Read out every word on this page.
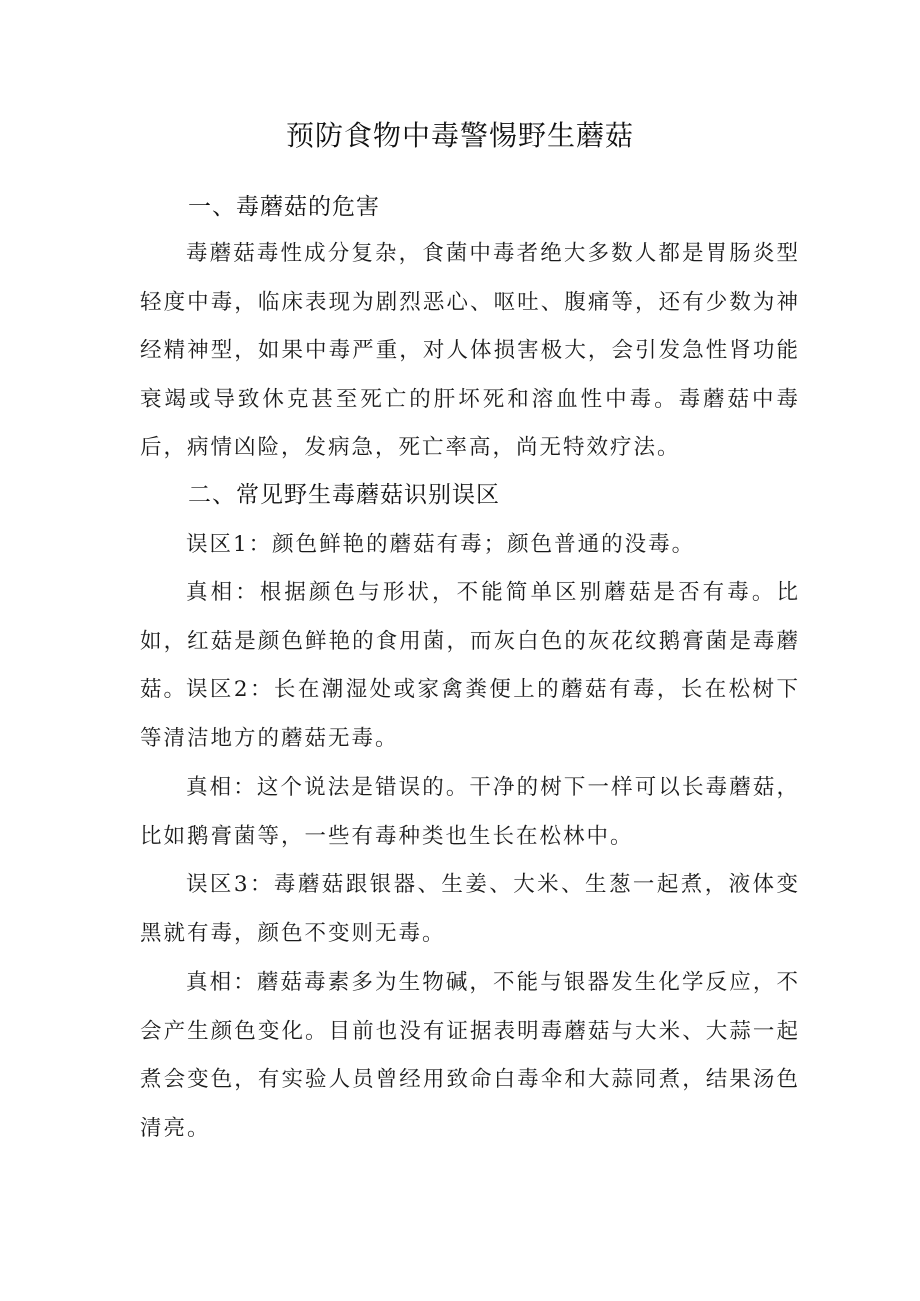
预防食物中毒警惕野生蘑菇
一、毒蘑菇的危害
毒蘑菇毒性成分复杂，食菌中毒者绝大多数人都是胃肠炎型轻度中毒，临床表现为剧烈恶心、呕吐、腹痛等，还有少数为神经精神型，如果中毒严重，对人体损害极大，会引发急性肾功能衰竭或导致休克甚至死亡的肝坏死和溶血性中毒。毒蘑菇中毒后，病情凶险，发病急，死亡率高，尚无特效疗法。
二、常见野生毒蘑菇识别误区
误区1：颜色鲜艳的蘑菇有毒；颜色普通的没毒。
真相：根据颜色与形状，不能简单区别蘑菇是否有毒。比如，红菇是颜色鲜艳的食用菌，而灰白色的灰花纹鹅膏菌是毒蘑菇。
误区2：长在潮湿处或家禽粪便上的蘑菇有毒，长在松树下等清洁地方的蘑菇无毒。
真相：这个说法是错误的。干净的树下一样可以长毒蘑菇，比如鹅膏菌等，一些有毒种类也生长在松林中。
误区3：毒蘑菇跟银器、生姜、大米、生葱一起煮，液体变黑就有毒，颜色不变则无毒。
真相：蘑菇毒素多为生物碱，不能与银器发生化学反应，不会产生颜色变化。目前也没有证据表明毒蘑菇与大米、大蒜一起煮会变色，有实验人员曾经用致命白毒伞和大蒜同煮，结果汤色清亮。
